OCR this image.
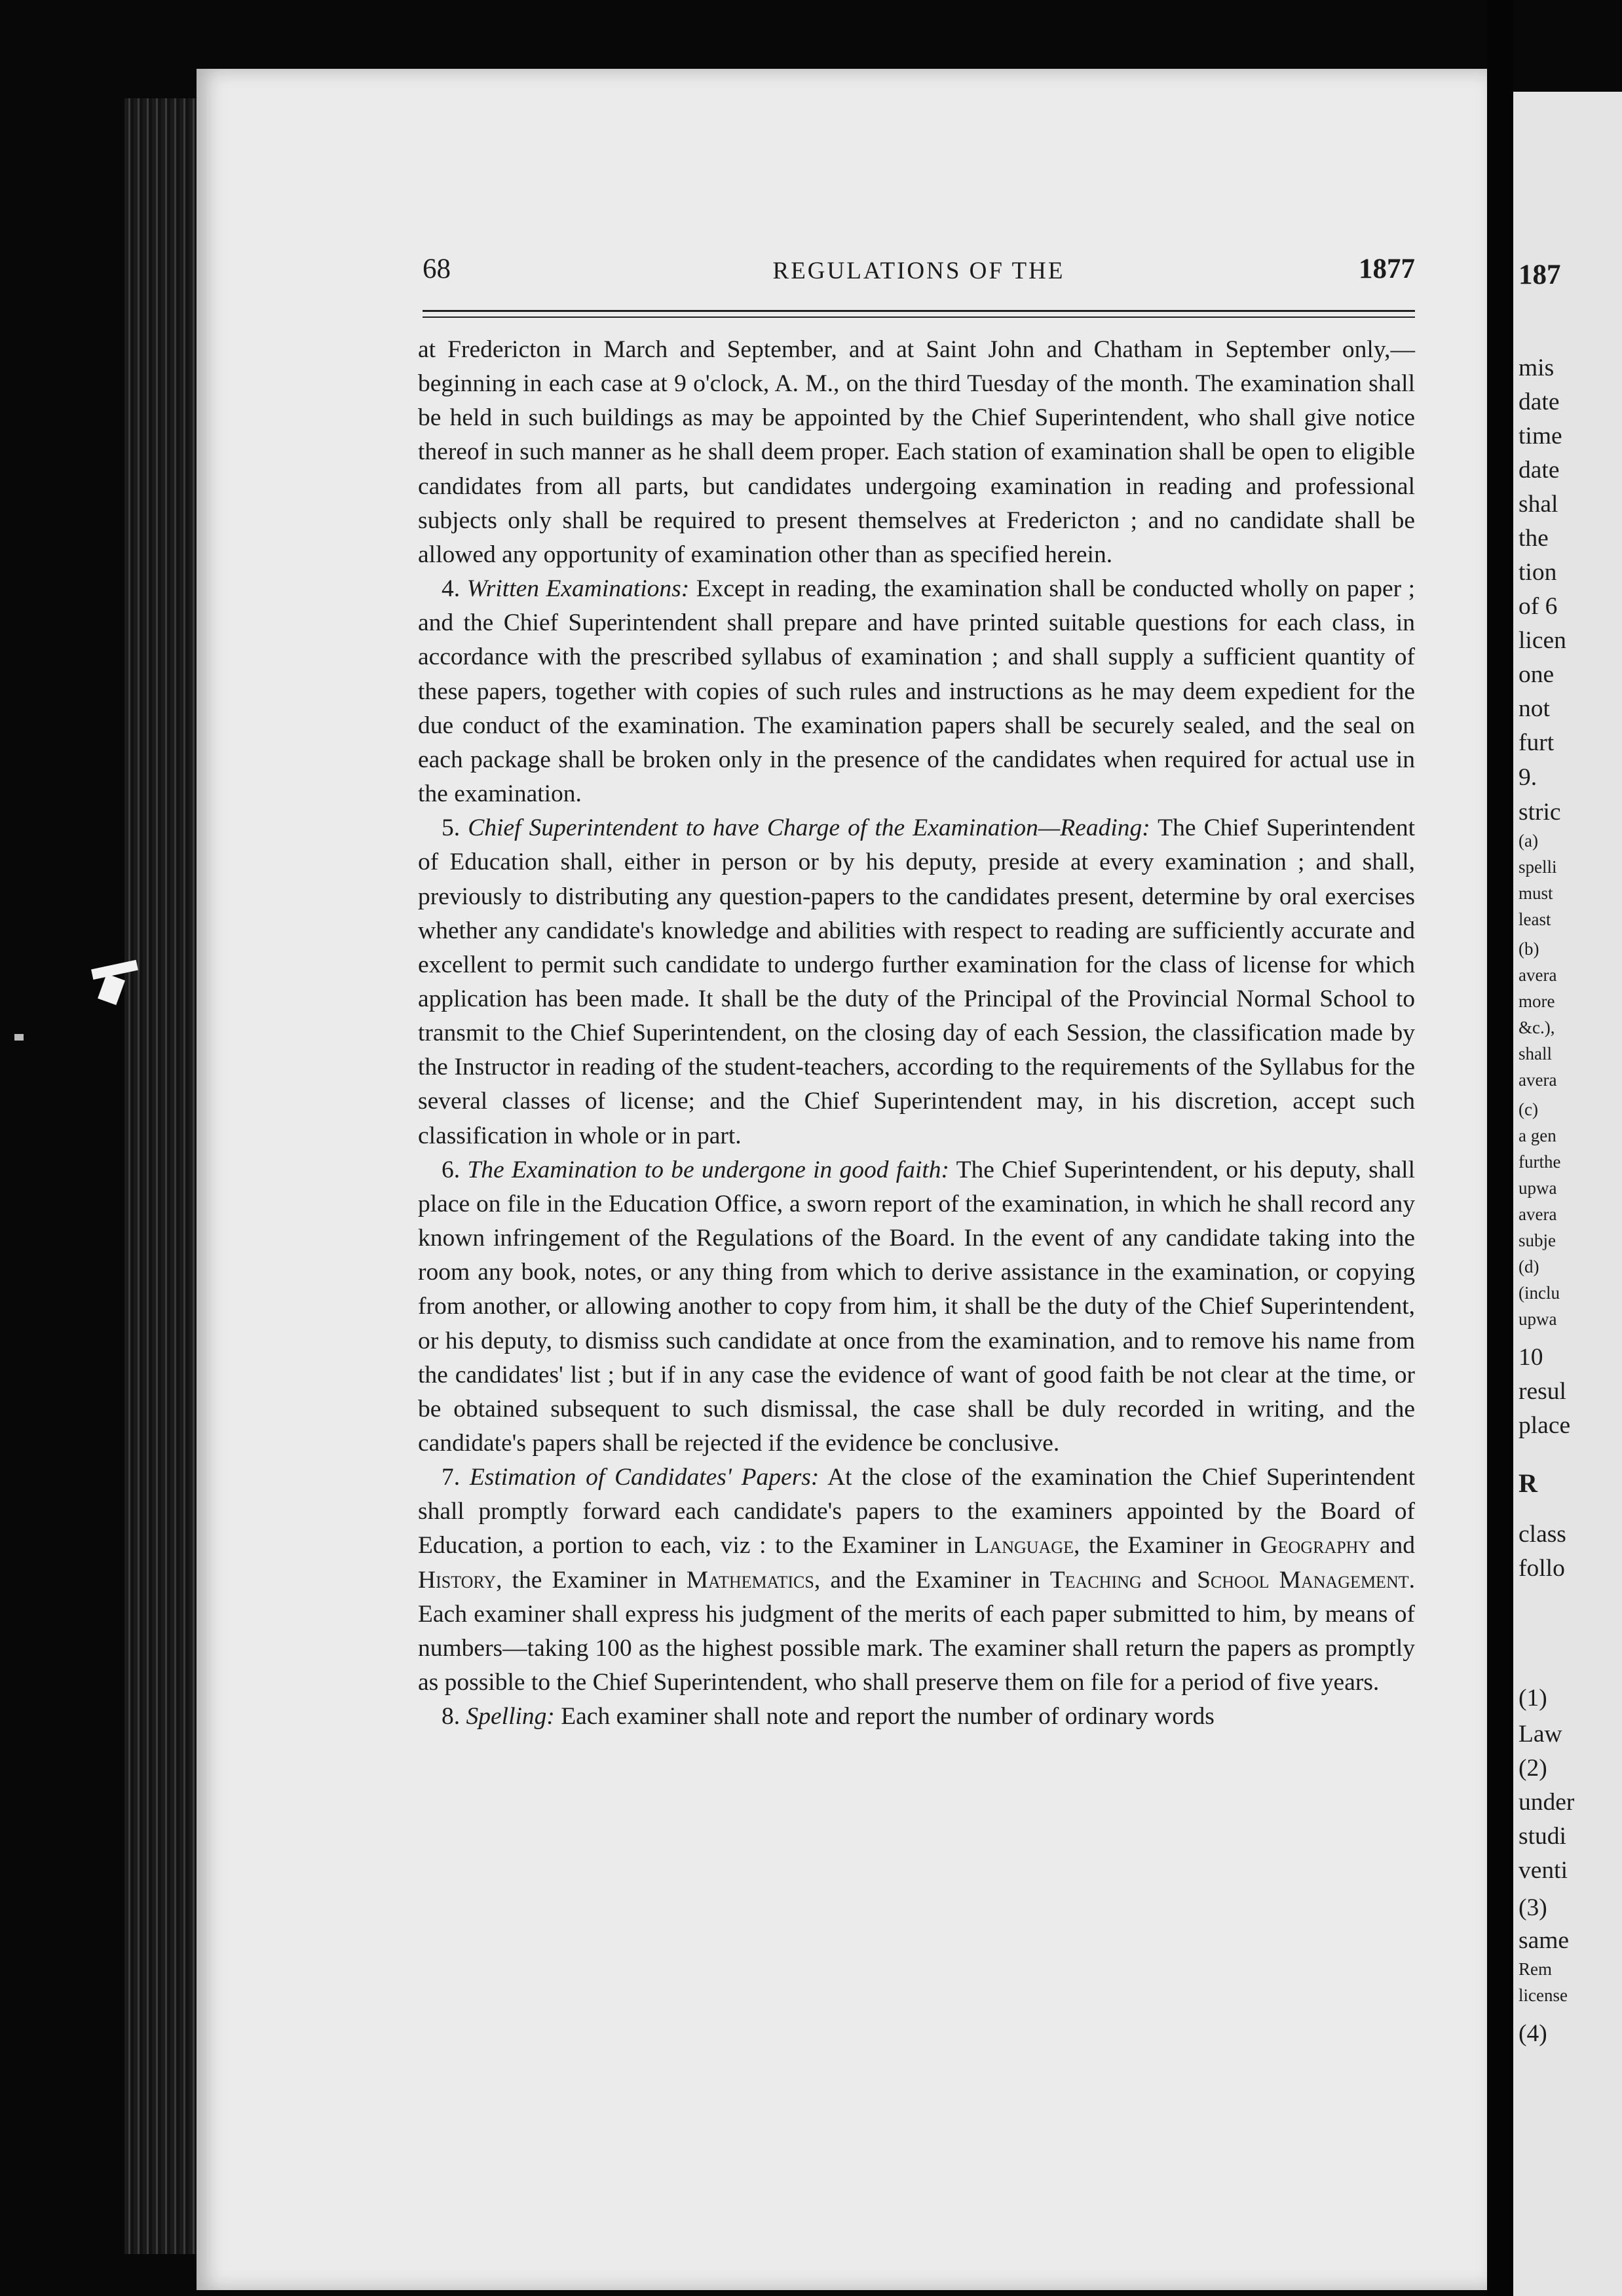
68	REGULATIONS OF THE	1877

at Fredericton in March and September, and at Saint John and Chatham in September only,—beginning in each case at 9 o'clock, A. M., on the third Tuesday of the month. The examination shall be held in such buildings as may be appointed by the Chief Superintendent, who shall give notice thereof in such manner as he shall deem proper. Each station of examination shall be open to eligible candidates from all parts, but candidates undergoing examination in reading and professional subjects only shall be required to present themselves at Fredericton ; and no candidate shall be allowed any opportunity of examination other than as specified herein.

4. Written Examinations: Except in reading, the examination shall be conducted wholly on paper ; and the Chief Superintendent shall prepare and have printed suitable questions for each class, in accordance with the prescribed syllabus of examination ; and shall supply a sufficient quantity of these papers, together with copies of such rules and instructions as he may deem expedient for the due conduct of the examination. The examination papers shall be securely sealed, and the seal on each package shall be broken only in the presence of the candidates when required for actual use in the examination.

5. Chief Superintendent to have Charge of the Examination—Reading: The Chief Superintendent of Education shall, either in person or by his deputy, preside at every examination ; and shall, previously to distributing any question-papers to the candidates present, determine by oral exercises whether any candidate's knowledge and abilities with respect to reading are sufficiently accurate and excellent to permit such candidate to undergo further examination for the class of license for which application has been made. It shall be the duty of the Principal of the Provincial Normal School to transmit to the Chief Superintendent, on the closing day of each Session, the classification made by the Instructor in reading of the student-teachers, according to the requirements of the Syllabus for the several classes of license; and the Chief Superintendent may, in his discretion, accept such classification in whole or in part.

6. The Examination to be undergone in good faith: The Chief Superintendent, or his deputy, shall place on file in the Education Office, a sworn report of the examination, in which he shall record any known infringement of the Regulations of the Board. In the event of any candidate taking into the room any book, notes, or any thing from which to derive assistance in the examination, or copying from another, or allowing another to copy from him, it shall be the duty of the Chief Superintendent, or his deputy, to dismiss such candidate at once from the examination, and to remove his name from the candidates' list ; but if in any case the evidence of want of good faith be not clear at the time, or be obtained subsequent to such dismissal, the case shall be duly recorded in writing, and the candidate's papers shall be rejected if the evidence be conclusive.

7. Estimation of Candidates' Papers: At the close of the examination the Chief Superintendent shall promptly forward each candidate's papers to the examiners appointed by the Board of Education, a portion to each, viz : to the Examiner in Language, the Examiner in Geography and History, the Examiner in Mathematics, and the Examiner in Teaching and School Management. Each examiner shall express his judgment of the merits of each paper submitted to him, by means of numbers—taking 100 as the highest possible mark. The examiner shall return the papers as promptly as possible to the Chief Superintendent, who shall preserve them on file for a period of five years.

8. Spelling: Each examiner shall note and report the number of ordinary words

187
mis
date
time
date
shal
the
tion
of 6
licen
one
not
furt
9.
stric
(a)
spelli
must
least
(b)
avera
more
&c.),
shall
avera
(c)
a gen
furthe
upwa
avera
subje
(d)
(inclu
upwa
10
resul
place
R
class
follo
(1)
Law
(2)
under
studi
venti
(3)
same
Rem
license
(4)
